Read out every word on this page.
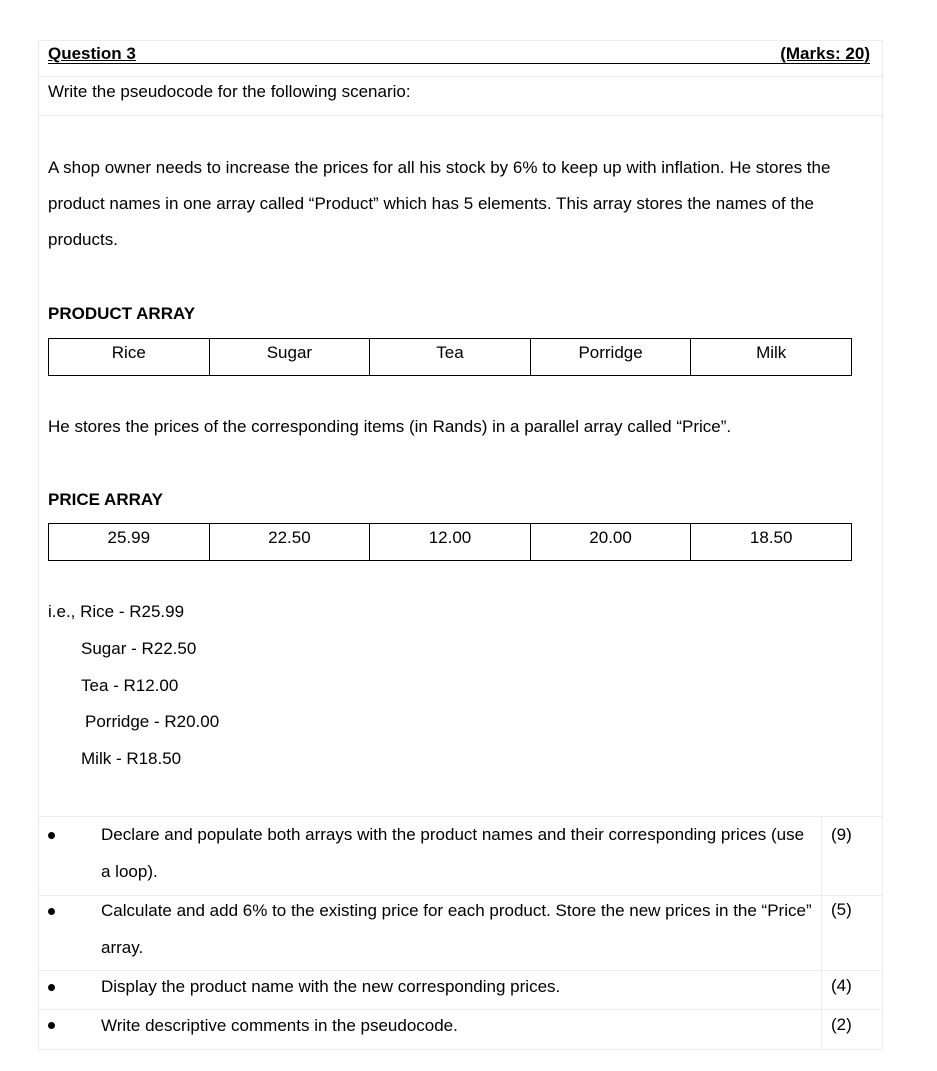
Question 3	(Marks: 20)
Write the pseudocode for the following scenario:
A shop owner needs to increase the prices for all his stock by 6% to keep up with inflation. He stores the product names in one array called “Product” which has 5 elements. This array stores the names of the products.
PRODUCT ARRAY
Rice	Sugar	Tea	Porridge	Milk
He stores the prices of the corresponding items (in Rands) in a parallel array called “Price”.
PRICE ARRAY
25.99	22.50	12.00	20.00	18.50
i.e., Rice - R25.99
Sugar - R22.50
Tea - R12.00
Porridge - R20.00
Milk - R18.50
Declare and populate both arrays with the product names and their corresponding prices (use a loop).
(9)
Calculate and add 6% to the existing price for each product. Store the new prices in the “Price” array.
(5)
Display the product name with the new corresponding prices.	(4)
Write descriptive comments in the pseudocode.	(2)
